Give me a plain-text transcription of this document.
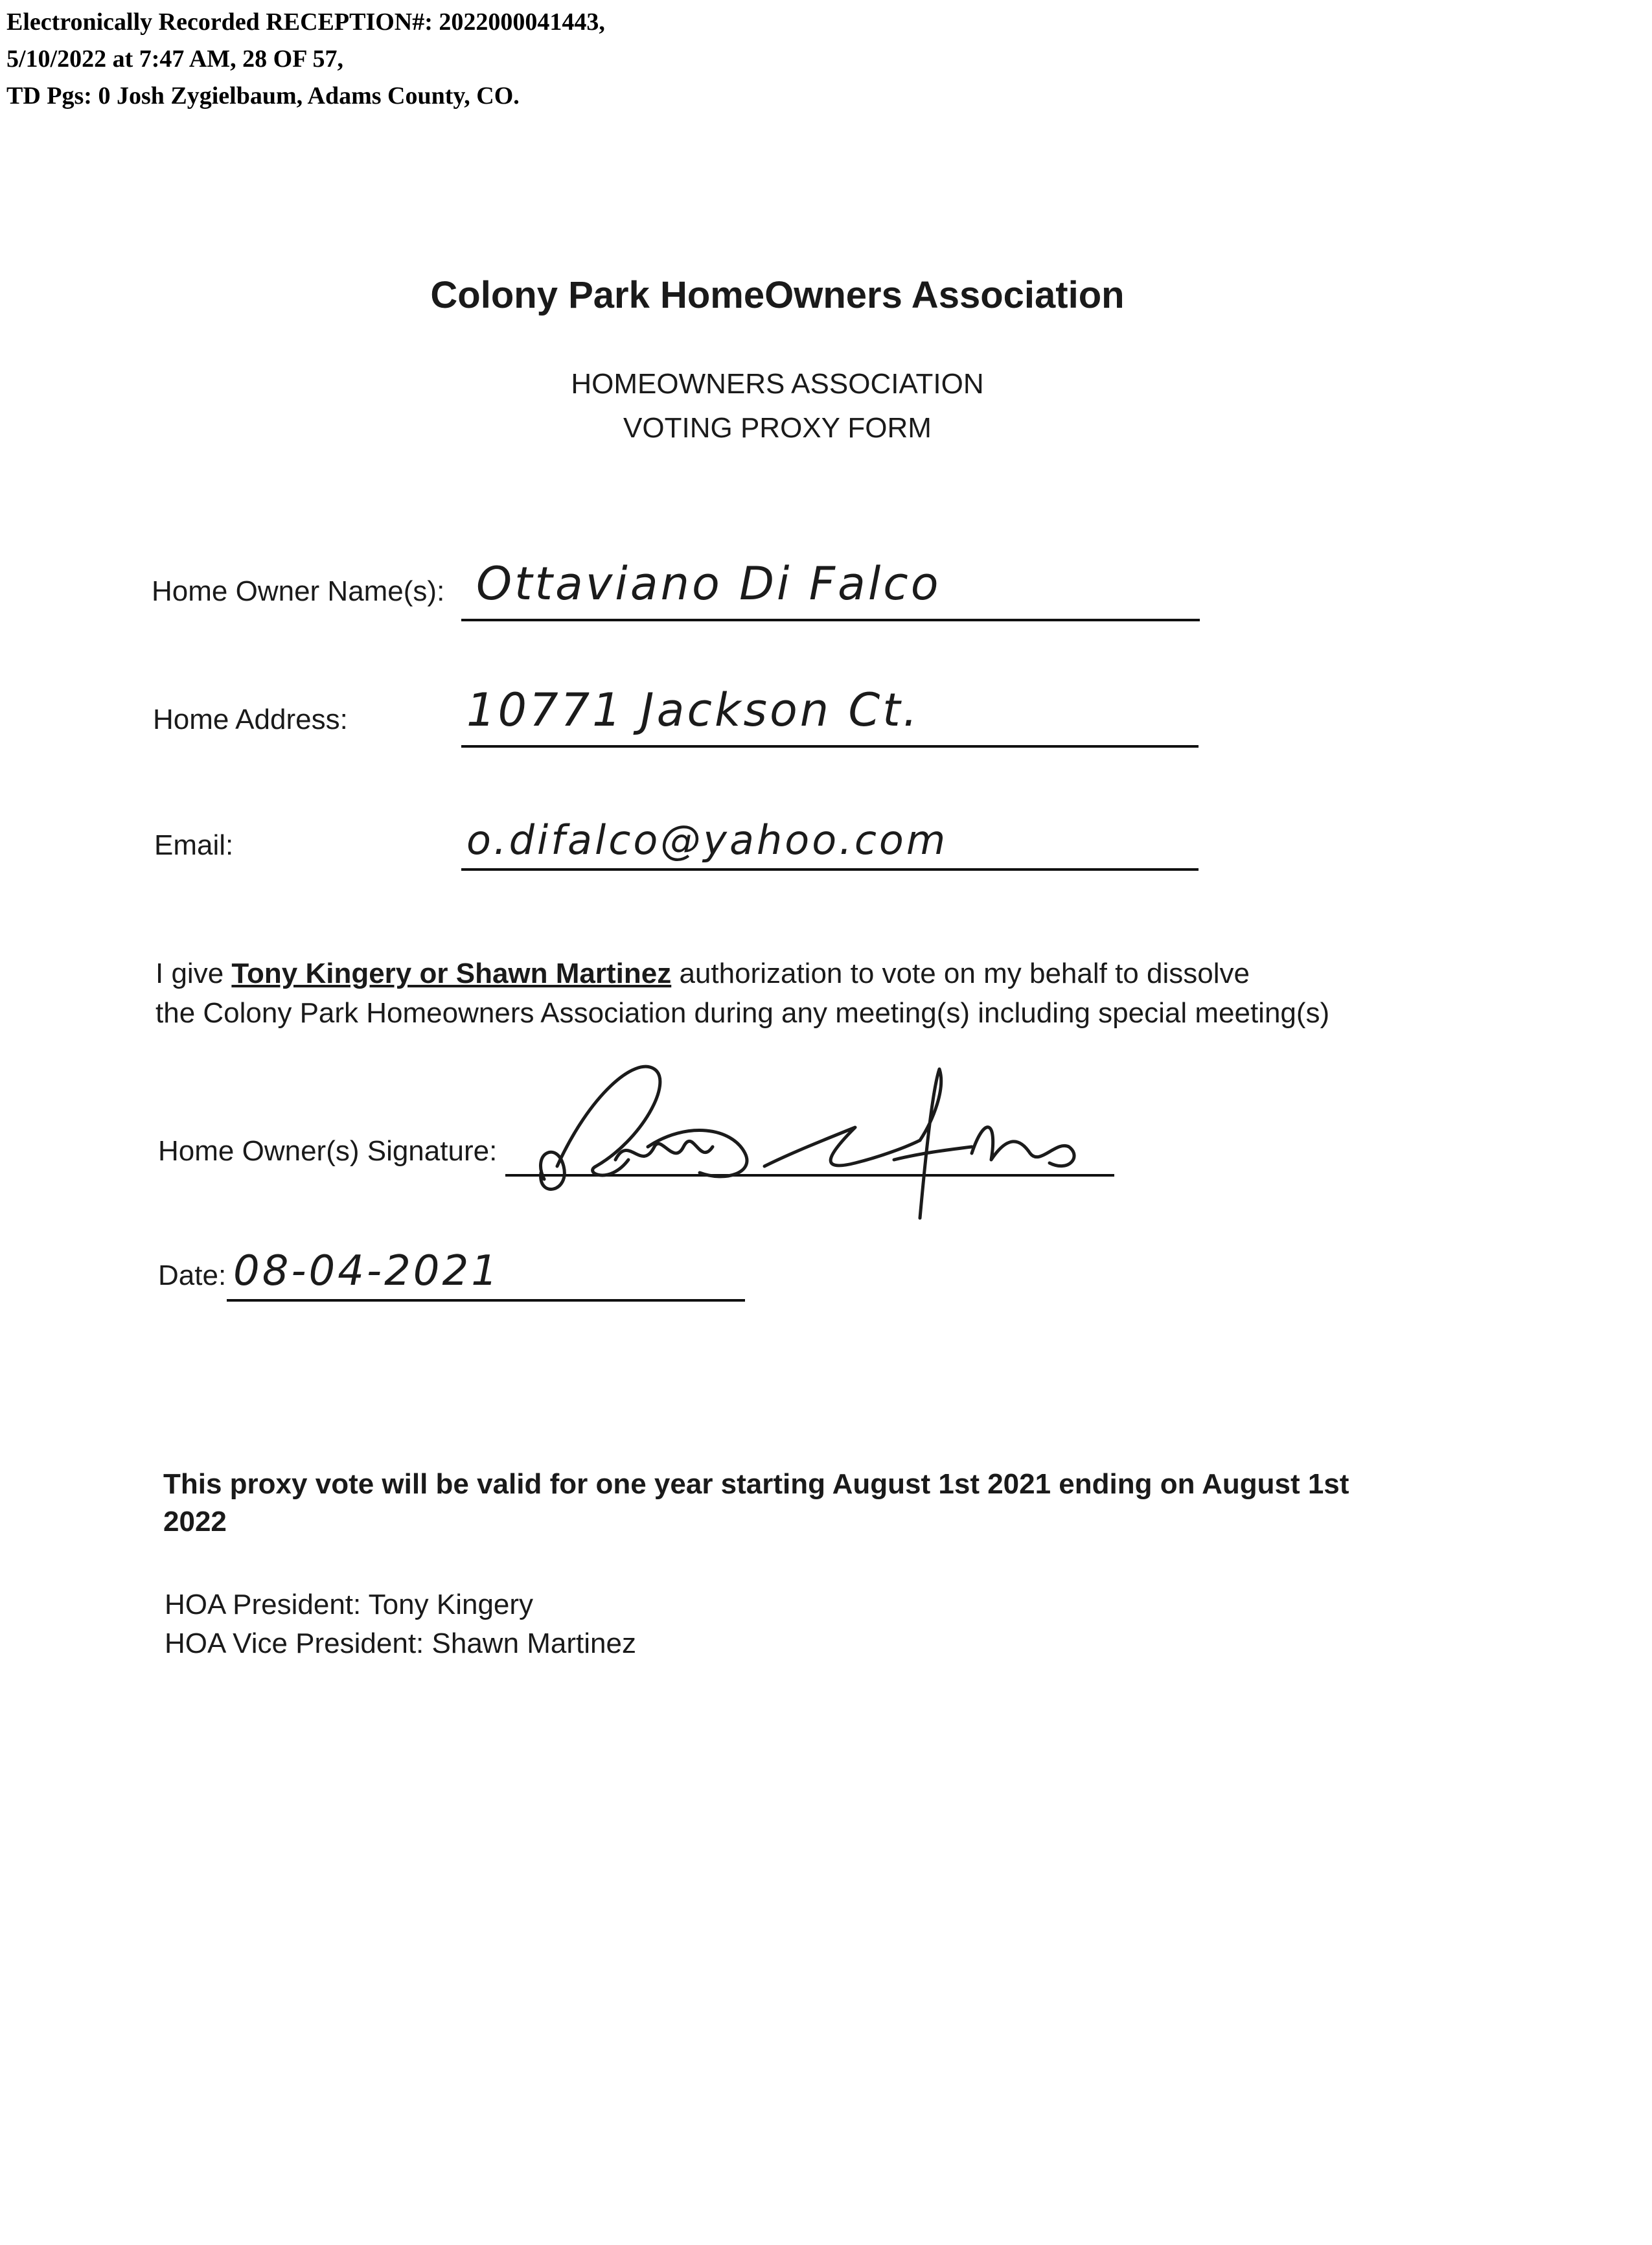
Electronically Recorded RECEPTION#: 2022000041443,
5/10/2022 at 7:47 AM, 28 OF 57,
TD Pgs: 0 Josh Zygielbaum, Adams County, CO.
Colony Park HomeOwners Association
HOMEOWNERS ASSOCIATION
VOTING PROXY FORM
Home Owner Name(s): Ottaviano Di Falco
Home Address:	10771 Jackson Ct.
Email:	o.difalco@yahoo.com
I give Tony Kingery or Shawn Martinez authorization to vote on my behalf to dissolve
the Colony Park Homeowners Association during any meeting(s) including special meeting(s)
Home Owner(s) Signature:
Date: 08-04-2021
This proxy vote will be valid for one year starting August 1st 2021 ending on August 1st 2022
HOA President: Tony Kingery
HOA Vice President: Shawn Martinez
